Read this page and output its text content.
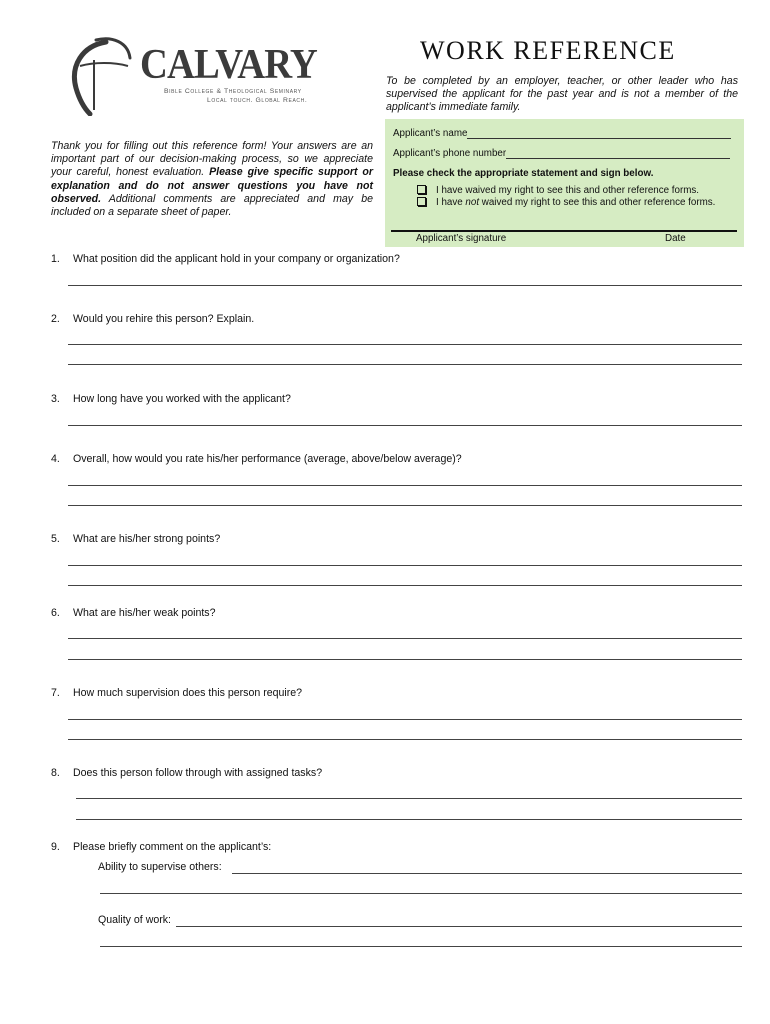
CALVARY
Bible College & Theological Seminary
Local touch. Global Reach.
WORK REFERENCE
To be completed by an employer, teacher, or other leader who has supervised the applicant for the past year and is not a member of the applicant’s immediate family.
Thank you for filling out this reference form! Your answers are an important part of our decision-making process, so we appreciate your careful, honest evaluation. Please give specific support or explanation and do not answer questions you have not observed. Additional comments are appreciated and may be included on a separate sheet of paper.
Applicant’s name
Applicant’s phone number
Please check the appropriate statement and sign below.
I have waived my right to see this and other reference forms.
I have not waived my right to see this and other reference forms.
Applicant’s signature	Date
1. What position did the applicant hold in your company or organization?
2. Would you rehire this person? Explain.
3. How long have you worked with the applicant?
4. Overall, how would you rate his/her performance (average, above/below average)?
5. What are his/her strong points?
6. What are his/her weak points?
7. How much supervision does this person require?
8. Does this person follow through with assigned tasks?
9. Please briefly comment on the applicant’s:
Ability to supervise others:
Quality of work:
